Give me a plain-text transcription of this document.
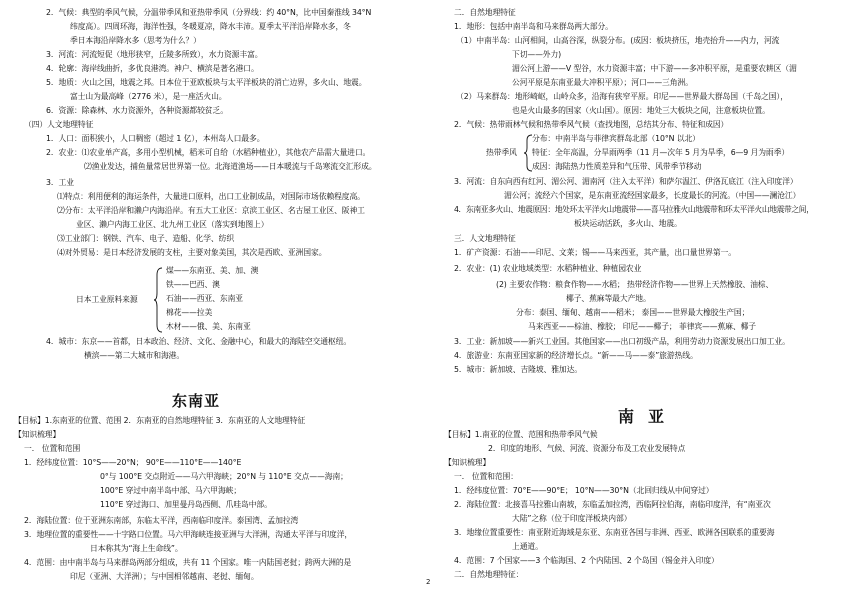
2．气候：典型的季风气候，分温带季风和亚热带季风（分界线：约 40°N，比中国秦淮线 34°N
纬度高）。四周环海，海洋性强，冬暖夏凉，降水丰沛。夏季太平洋沿岸降水多，冬
季日本海沿岸降水多（思考为什么？）
3．河流：河流短促（地形狭窄，丘陵多所致），水力资源丰富。
4．轮廓：海岸线曲折，多优良港湾。神户、横滨是著名港口。
5．地质：火山之国，地震之邦。日本位于亚欧板块与太平洋板块的消亡边界，多火山、地震。
富士山为最高峰（2776 米），是一座活火山。
6．资源：除森林、水力资源外，各种资源都较贫乏。
（四）人文地理特征
1．人口：面积狭小，人口稠密（超过 1 亿），本州岛人口最多。
2．农业：⑴农业单产高，多用小型机械，稻米可自给（水稻种植业），其他农产品需大量进口。
⑵渔业发达，捕鱼量常居世界第一位。北海道渔场——日本暖流与千岛寒流交汇形成。
3．工业
⑴特点：利用便利的海运条件，大量进口原料，出口工业制成品，对国际市场依赖程度高。
⑵分布：太平洋沿岸和濑户内海沿岸。有五大工业区：京滨工业区、名古屋工业区、阪神工
业区、濑户内海工业区、北九州工业区（落实到地图上）
⑶工业部门：钢铁、汽车、电子、造船、化学、纺织
⑷对外贸易：是日本经济发展的支柱，主要对象美国，其次是西欧、亚洲国家。
日本工业原料来源
煤——东南亚、美、加、澳
铁——巴西、澳
石油——西亚、东南亚
棉花——拉美
木材——俄、美、东南亚
4．城市：东京——首都，日本政治、经济、文化、金融中心，和最大的海陆空交通枢纽。
横滨——第二大城市和海港。
东南亚
【目标】1.东南亚的位置、范围 2．东南亚的自然地理特征 3．东南亚的人文地理特征
【知识梳理】
一． 位置和范围
1．经纬度位置：10°S——20°N； 90°E——110°E——140°E
0°与 100°E 交点附近——马六甲海峡；20°N 与 110°E 交点——海南；
100°E 穿过中南半岛中部、马六甲海峡；
110°E 穿过海口、加里曼丹岛西侧、爪哇岛中部。
2．海陆位置：位于亚洲东南部，东临太平洋，西南临印度洋。泰国湾、孟加拉湾
3．地理位置的重要性——十字路口位置。马六甲海峡连接亚洲与大洋洲，沟通太平洋与印度洋，
日本称其为“海上生命线”。
4．范围：由中南半岛与马来群岛两部分组成，共有 11 个国家。唯一内陆国老挝；跨两大洲的是
印尼（亚洲、大洋洲）；与中国相邻越南、老挝、缅甸。
二．自然地理特征
1．地形：包括中南半岛和马来群岛两大部分。
（1）中南半岛：山河相间，山高谷深，纵裂分布。(成因：板块挤压，地壳抬升——内力，河流
下切——外力)
湄公河上游——V 型谷，水力资源丰富；中下游——多冲积平原，是重要农耕区（湄
公河平原是东南亚最大冲积平原）；河口——三角洲。
（2）马来群岛：地形崎岖，山岭众多，沿海有狭窄平原。印尼——世界最大群岛国（千岛之国），
也是火山最多的国家（火山国）。原因：地处三大板块之间，注意板块位置。
2．气候：热带雨林气候和热带季风气候（查找地图，总结其分布、特征和成因）
热带季风
分布：中南半岛与菲律宾群岛北部（10°N 以北）
特征：全年高温，分旱雨两季（11 月—次年 5 月为旱季，6—9 月为雨季）
成因：海陆热力性质差异和气压带、风带季节移动
3．河流：自东向西有红河、湄公河、湄南河（注入太平洋）和萨尔温江、伊洛瓦底江（注入印度洋）
湄公河；流经六个国家，是东南亚流经国家最多，长度最长的河流。（中国——澜沧江）
4．东南亚多火山、地震原因：地处环太平洋火山地震带——喜马拉雅火山地震带和环太平洋火山地震带之间，
板块运动活跃，多火山、地震。
三．人文地理特征
1．矿产资源：石油——印尼、文莱；锡——马来西亚，其产量，出口量世界第一。
2．农业：(1) 农业地域类型：水稻种植业、种植园农业
(2) 主要农作物：粮食作物——水稻； 热带经济作物——世界上天然橡胶、油棕、
椰子、蕉麻等最大产地。
分布：泰国、缅甸、越南——稻米； 泰国——世界最大橡胶生产国；
马来西亚——棕油、橡胶； 印尼——椰子； 菲律宾——蕉麻、椰子
3．工业：新加坡——新兴工业国。其他国家——出口初级产品，利用劳动力资源发展出口加工业。
4．旅游业：东南亚国家新的经济增长点。“新——马——泰”旅游热线。
5．城市：新加坡、吉隆坡、雅加达。
南亚
【目标】1.南亚的位置、范围和热带季风气候
2．印度的地形、气候、河流、资源分布及工农业发展特点
【知识梳理】
一． 位置和范围：
1．经纬度位置：70°E——90°E； 10°N——30°N（北回归线从中间穿过）
2．海陆位置：北接喜马拉雅山南坡，东临孟加拉湾，西临阿拉伯海，南临印度洋，有“南亚次
大陆”之称（位于印度洋板块内部）
3．地缘位置重要性：南亚附近海域是东亚、东南亚各国与非洲、西亚、欧洲各国联系的重要海
上通道。
4．范围：7 个国家——3 个临海国、2 个内陆国、2 个岛国（锡金并入印度）
二．自然地理特征：
2
